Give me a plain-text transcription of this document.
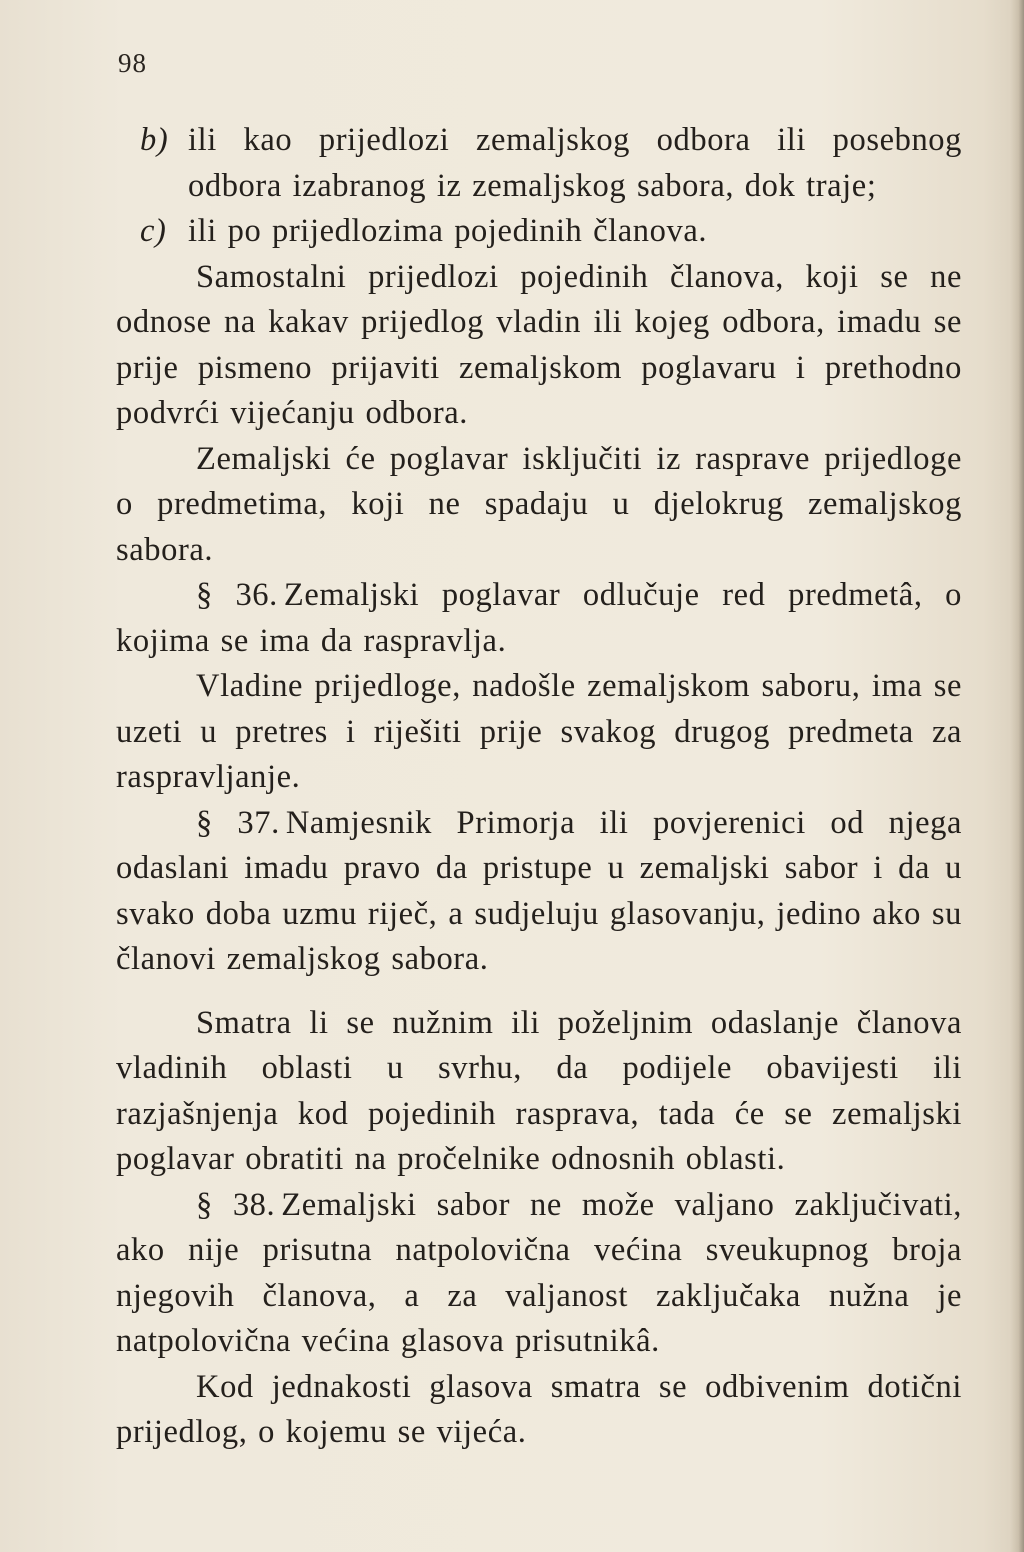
98
b) ili kao prijedlozi zemaljskog odbora ili posebnog odbora izabranog iz zemaljskog sabora, dok traje;
c) ili po prijedlozima pojedinih članova.

Samostalni prijedlozi pojedinih članova, koji se ne odnose na kakav prijedlog vladin ili kojeg odbora, imadu se prije pismeno prijaviti zemaljskom poglavaru i prethodno podvrći vijećanju odbora.

Zemaljski će poglavar isključiti iz rasprave prijedloge o predmetima, koji ne spadaju u djelokrug zemaljskog sabora.

§ 36. Zemaljski poglavar odlučuje red predmetâ, o kojima se ima da raspravlja.

Vladine prijedloge, nadošle zemaljskom saboru, ima se uzeti u pretres i riješiti prije svakog drugog predmeta za raspravljanje.

§ 37. Namjesnik Primorja ili povjerenici od njega odaslani imadu pravo da pristupe u zemaljski sabor i da u svako doba uzmu riječ, a sudjeluju glasovanju, jedino ako su članovi zemaljskog sabora.

Smatra li se nužnim ili poželjnim odaslanje članova vladinih oblasti u svrhu, da podijele obavijesti ili razjašnjenja kod pojedinih rasprava, tada će se zemaljski poglavar obratiti na pročelnike odnosnih oblasti.

§ 38. Zemaljski sabor ne može valjano zaključivati, ako nije prisutna natpolovična većina sveukupnog broja njegovih članova, a za valjanost zaključaka nužna je natpolovična većina glasova prisutnikâ.

Kod jednakosti glasova smatra se odbivenim dotični prijedlog, o kojemu se vijeća.
